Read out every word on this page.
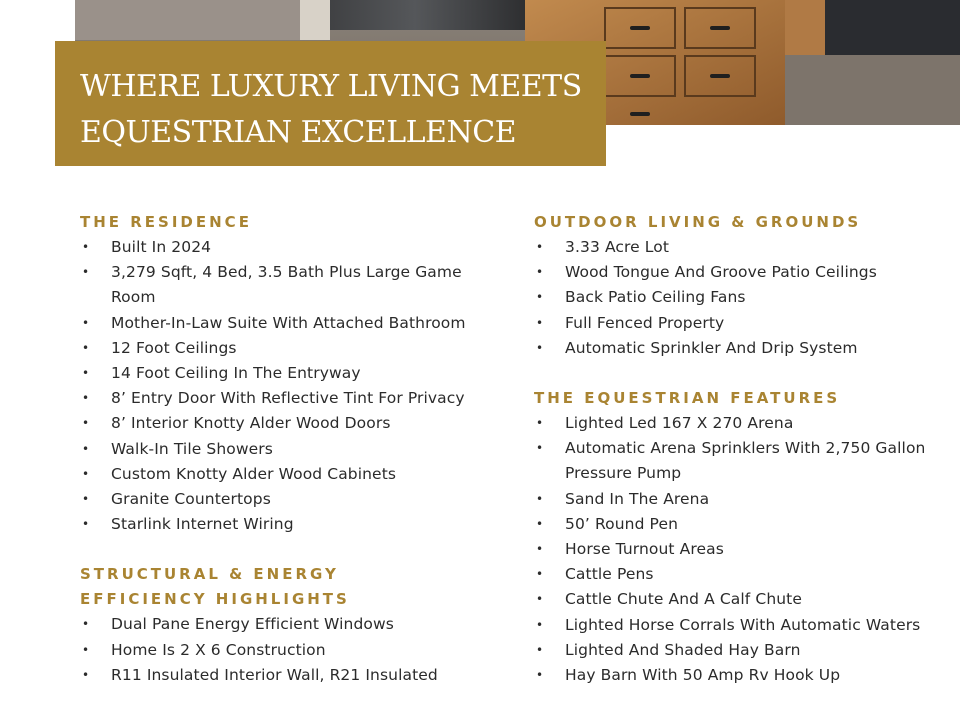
WHERE LUXURY LIVING MEETS
EQUESTRIAN EXCELLENCE
THE RESIDENCE
• Built In 2024
• 3,279 Sqft, 4 Bed, 3.5 Bath Plus Large Game Room
• Mother-In-Law Suite With Attached Bathroom
• 12 Foot Ceilings
• 14 Foot Ceiling In The Entryway
• 8’ Entry Door With Reflective Tint For Privacy
• 8’ Interior Knotty Alder Wood Doors
• Walk-In Tile Showers
• Custom Knotty Alder Wood Cabinets
• Granite Countertops
• Starlink Internet Wiring
STRUCTURAL & ENERGY
EFFICIENCY HIGHLIGHTS
• Dual Pane Energy Efficient Windows
• Home Is 2 X 6 Construction
• R11 Insulated Interior Wall, R21 Insulated
OUTDOOR LIVING & GROUNDS
• 3.33 Acre Lot
• Wood Tongue And Groove Patio Ceilings
• Back Patio Ceiling Fans
• Full Fenced Property
• Automatic Sprinkler And Drip System
THE EQUESTRIAN FEATURES
• Lighted Led 167 X 270 Arena
• Automatic Arena Sprinklers With 2,750 Gallon Pressure Pump
• Sand In The Arena
• 50’ Round Pen
• Horse Turnout Areas
• Cattle Pens
• Cattle Chute And A Calf Chute
• Lighted Horse Corrals With Automatic Waters
• Lighted And Shaded Hay Barn
• Hay Barn With 50 Amp Rv Hook Up
